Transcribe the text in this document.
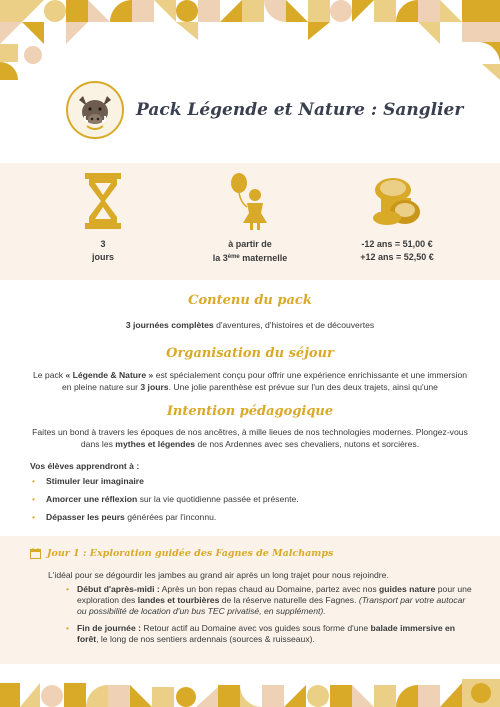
Pack Légende et Nature : Sanglier
3
jours
à partir de
la 3ème maternelle
-12 ans = 51,00 €
+12 ans = 52,50 €
Contenu du pack
3 journées complètes d'aventures, d'histoires et de découvertes
Organisation du séjour
Le pack « Légende & Nature » est spécialement conçu pour offrir une expérience enrichissante et une immersion en pleine nature sur 3 jours. Une jolie parenthèse est prévue sur l'un des deux trajets, ainsi qu'une
Intention pédagogique
Faites un bond à travers les époques de nos ancêtres, à mille lieues de nos technologies modernes. Plongez-vous dans les mythes et légendes de nos Ardennes avec ses chevaliers, nutons et sorcières.
Vos élèves apprendront à :
• Stimuler leur imaginaire
• Amorcer une réflexion sur la vie quotidienne passée et présente.
• Dépasser les peurs générées par l'inconnu.
Jour 1 : Exploration guidée des Fagnes de Malchamps
L'idéal pour se dégourdir les jambes au grand air après un long trajet pour nous rejoindre.
• Début d'après-midi : Après un bon repas chaud au Domaine, partez avec nos guides nature pour une exploration des landes et tourbières de la réserve naturelle des Fagnes. (Transport par votre autocar ou possibilité de location d'un bus TEC privatisé, en supplément).
• Fin de journée : Retour actif au Domaine avec vos guides sous forme d'une balade immersive en forêt, le long de nos sentiers ardennais (sources & ruisseaux).
